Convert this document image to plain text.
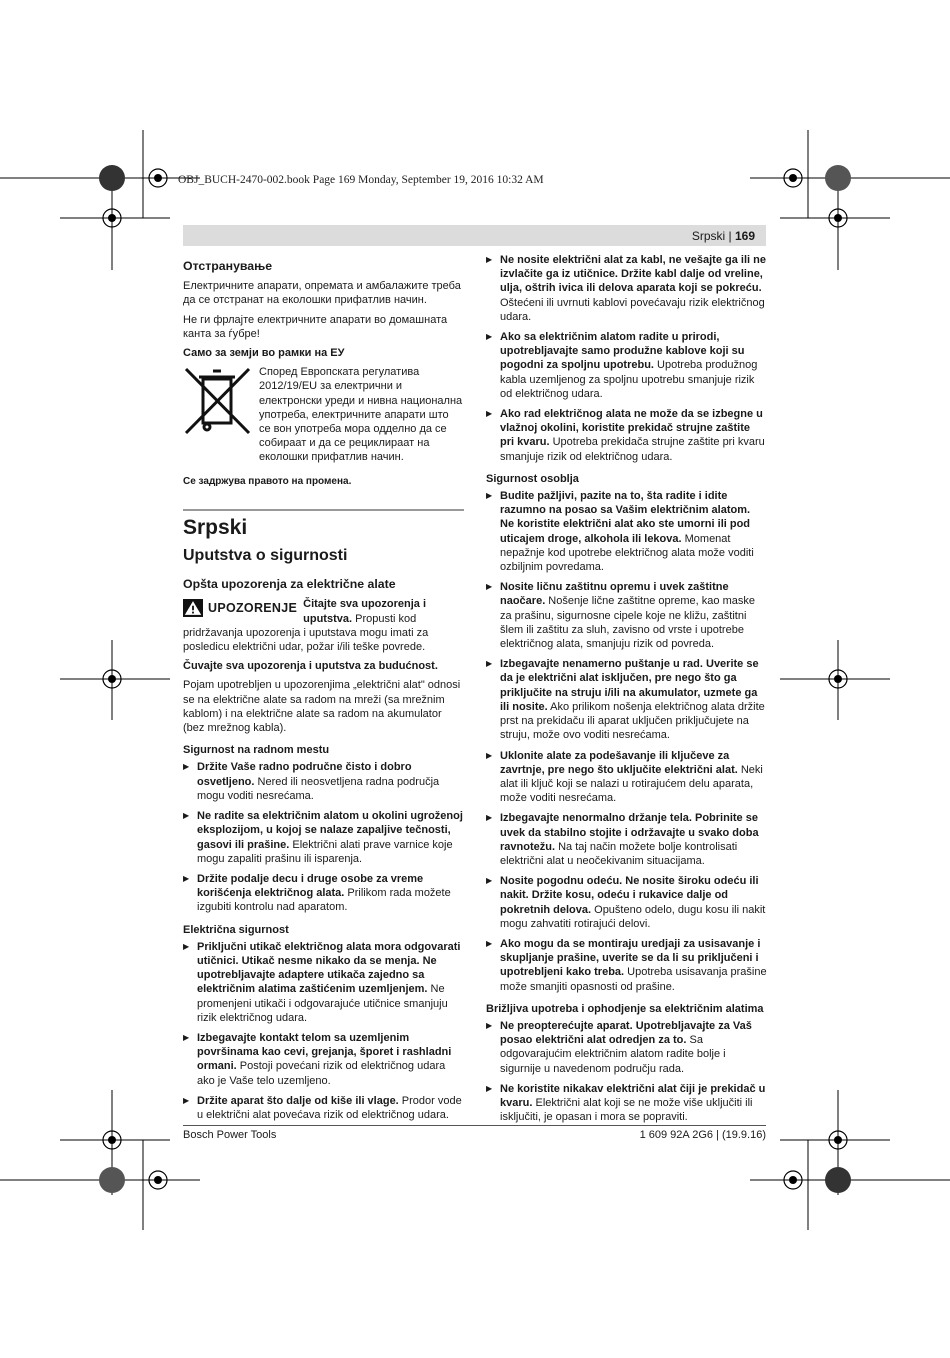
OBJ_BUCH-2470-002.book Page 169 Monday, September 19, 2016 10:32 AM
Srpski | 169
Отстранување

Електричните апарати, опремата и амбалажите треба да се отстранат на еколошки прифатлив начин.

Не ги фрлајте електричните апарати во домашната канта за ѓубре!

Само за земји во рамки на ЕУ

Според Европската регулатива 2012/19/EU за електрични и електронски уреди и нивна национална употреба, електричните апарати што се вон употреба мора одделно да се собираат и да се рециклираат на еколошки прифатлив начин.

Се задржува правото на промена.

Srpski
Uputstva o sigurnosti
Opšta upozorenja za električne alate

UPOZORENJE Čitajte sva upozorenja i uputstva. Propusti kod pridržavanja upozorenja i uputstava mogu imati za posledicu električni udar, požar i/ili teške povrede.

Čuvajte sva upozorenja i uputstva za budućnost.

Pojam upotrebljen u upozorenjima „električni alat" odnosi se na električne alate sa radom na mreži (sa mrežnim kablom) i na električne alate sa radom na akumulator (bez mrežnog kabla).

Sigurnost na radnom mestu
▶ Držite Vaše radno područne čisto i dobro osvetljeno. Nered ili neosvetljena radna područja mogu voditi nesrećama.
▶ Ne radite sa električnim alatom u okolini ugroženoj eksplozijom, u kojoj se nalaze zapaljive tečnosti, gasovi ili prašine. Električni alati prave varnice koje mogu zapaliti prašinu ili isparenja.
▶ Držite podalje decu i druge osobe za vreme korišćenja električnog alata. Prilikom rada možete izgubiti kontrolu nad aparatom.
Električna sigurnost
▶ Priključni utikač električnog alata mora odgovarati utičnici. Utikač nesme nikako da se menja. Ne upotrebljavajte adaptere utikača zajedno sa električnim alatima zaštićenim uzemljenjem. Ne promenjeni utikači i odgovarajuće utičnice smanjuju rizik električnog udara.
▶ Izbegavajte kontakt telom sa uzemljenim površinama kao cevi, grejanja, šporet i rashladni ormani. Postoji povećani rizik od električnog udara ako je Vaše telo uzemljeno.
▶ Držite aparat što dalje od kiše ili vlage. Prodor vode u električni alat povećava rizik od električnog udara.
▶ Ne nosite električni alat za kabl, ne vešajte ga ili ne izvlačite ga iz utičnice. Držite kabl dalje od vreline, ulja, oštrih ivica ili delova aparata koji se pokreću. Oštećeni ili uvrnuti kablovi povećavaju rizik električnog udara.
▶ Ako sa električnim alatom radite u prirodi, upotrebljavajte samo produžne kablove koji su pogodni za spoljnu upotrebu. Upotreba produžnog kabla uzemljenog za spoljnu upotrebu smanjuje rizik od električnog udara.
▶ Ako rad električnog alata ne može da se izbegne u vlažnoj okolini, koristite prekidač strujne zaštite pri kvaru. Upotreba prekidača strujne zaštite pri kvaru smanjuje rizik od električnog udara.
Sigurnost osoblja
▶ Budite pažljivi, pazite na to, šta radite i idite razumno na posao sa Vašim električnim alatom. Ne koristite električni alat ako ste umorni ili pod uticajem droge, alkohola ili lekova. Momenat nepažnje kod upotrebe električnog alata može voditi ozbiljnim povredama.
▶ Nosite ličnu zaštitnu opremu i uvek zaštitne naočare. Nošenje lične zaštitne opreme, kao maske za prašinu, sigurnosne cipele koje ne kližu, zaštitni šlem ili zaštitu za sluh, zavisno od vrste i upotrebe električnog alata, smanjuju rizik od povreda.
▶ Izbegavajte nenamerno puštanje u rad. Uverite se da je električni alat isključen, pre nego što ga priključite na struju i/ili na akumulator, uzmete ga ili nosite. Ako prilikom nošenja električnog alata držite prst na prekidaču ili aparat uključen priključujete na struju, može ovo voditi nesrećama.
▶ Uklonite alate za podešavanje ili ključeve za zavrtnje, pre nego što uključite električni alat. Neki alat ili ključ koji se nalazi u rotirajućem delu aparata, može voditi nesrećama.
▶ Izbegavajte nenormalno držanje tela. Pobrinite se uvek da stabilno stojite i održavajte u svako doba ravnotežu. Na taj način možete bolje kontrolisati električni alat u neočekivanim situacijama.
▶ Nosite pogodnu odeću. Ne nosite široku odeću ili nakit. Držite kosu, odeću i rukavice dalje od pokretnih delova. Opušteno odelo, dugu kosu ili nakit mogu zahvatiti rotirajući delovi.
▶ Ako mogu da se montiraju uredjaji za usisavanje i skupljanje prašine, uverite se da li su priključeni i upotrebljeni kako treba. Upotreba usisavanja prašine može smanjiti opasnosti od prašine.
Brižljiva upotreba i ophodjenje sa električnim alatima
▶ Ne preopterećujte aparat. Upotrebljavajte za Vaš posao električni alat odredjen za to. Sa odgovarajućim električnim alatom radite bolje i sigurnije u navedenom području rada.
▶ Ne koristite nikakav električni alat čiji je prekidač u kvaru. Električni alat koji se ne može više uključiti ili isključiti, je opasan i mora se popraviti.
Bosch Power Tools	1 609 92A 2G6 | (19.9.16)
